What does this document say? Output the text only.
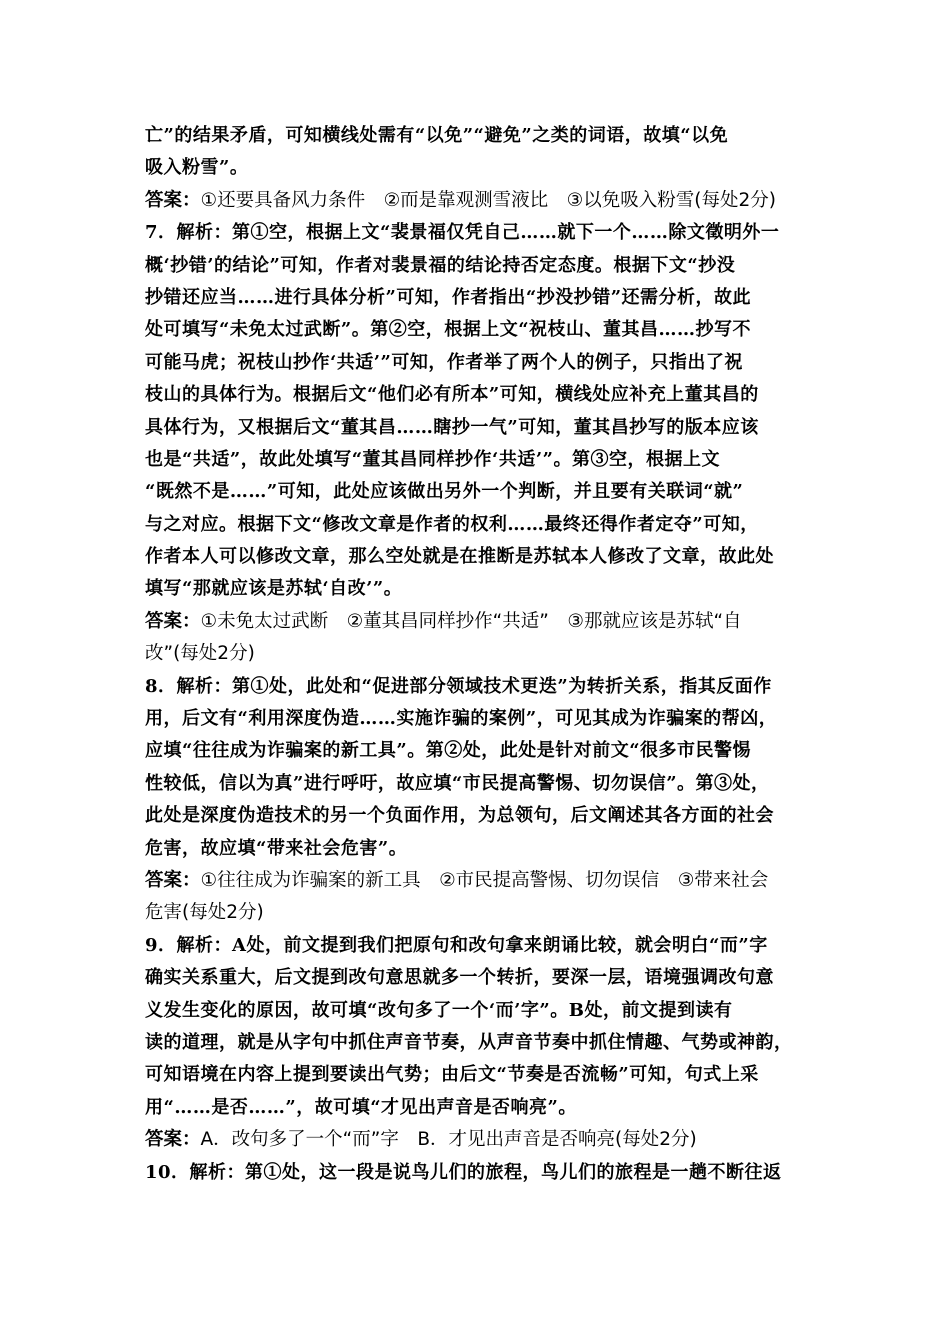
亡”的结果矛盾，可知横线处需有“以免”“避免”之类的词语，故填“以免
吸入粉雪”。
答案：①还要具备风力条件　②而是靠观测雪液比　③以免吸入粉雪(每处2分)
7．解析：第①空，根据上文“裴景福仅凭自己……就下一个……除文徵明外一
概‘抄错’的结论”可知，作者对裴景福的结论持否定态度。根据下文“抄没
抄错还应当……进行具体分析”可知，作者指出“抄没抄错”还需分析，故此
处可填写“未免太过武断”。第②空，根据上文“祝枝山、董其昌……抄写不
可能马虎；祝枝山抄作‘共适’”可知，作者举了两个人的例子，只指出了祝
枝山的具体行为。根据后文“他们必有所本”可知，横线处应补充上董其昌的
具体行为，又根据后文“董其昌……瞎抄一气”可知，董其昌抄写的版本应该
也是“共适”，故此处填写“董其昌同样抄作‘共适’”。第③空，根据上文
“既然不是……”可知，此处应该做出另外一个判断，并且要有关联词“就”
与之对应。根据下文“修改文章是作者的权利……最终还得作者定夺”可知，
作者本人可以修改文章，那么空处就是在推断是苏轼本人修改了文章，故此处
填写“那就应该是苏轼‘自改’”。
答案：①未免太过武断　②董其昌同样抄作“共适”　③那就应该是苏轼“自
改”(每处2分)
8．解析：第①处，此处和“促进部分领域技术更迭”为转折关系，指其反面作
用，后文有“利用深度伪造……实施诈骗的案例”，可见其成为诈骗案的帮凶，
应填“往往成为诈骗案的新工具”。第②处，此处是针对前文“很多市民警惕
性较低，信以为真”进行呼吁，故应填“市民提高警惕、切勿误信”。第③处，
此处是深度伪造技术的另一个负面作用，为总领句，后文阐述其各方面的社会
危害，故应填“带来社会危害”。
答案：①往往成为诈骗案的新工具　②市民提高警惕、切勿误信　③带来社会
危害(每处2分)
9．解析：A处，前文提到我们把原句和改句拿来朗诵比较，就会明白“而”字
确实关系重大，后文提到改句意思就多一个转折，要深一层，语境强调改句意
义发生变化的原因，故可填“改句多了一个‘而’字”。B处，前文提到读有
读的道理，就是从字句中抓住声音节奏，从声音节奏中抓住情趣、气势或神韵，
可知语境在内容上提到要读出气势；由后文“节奏是否流畅”可知，句式上采
用“……是否……”，故可填“才见出声音是否响亮”。
答案：A．改句多了一个“而”字　B．才见出声音是否响亮(每处2分)
10．解析：第①处，这一段是说鸟儿们的旅程，鸟儿们的旅程是一趟不断往返
